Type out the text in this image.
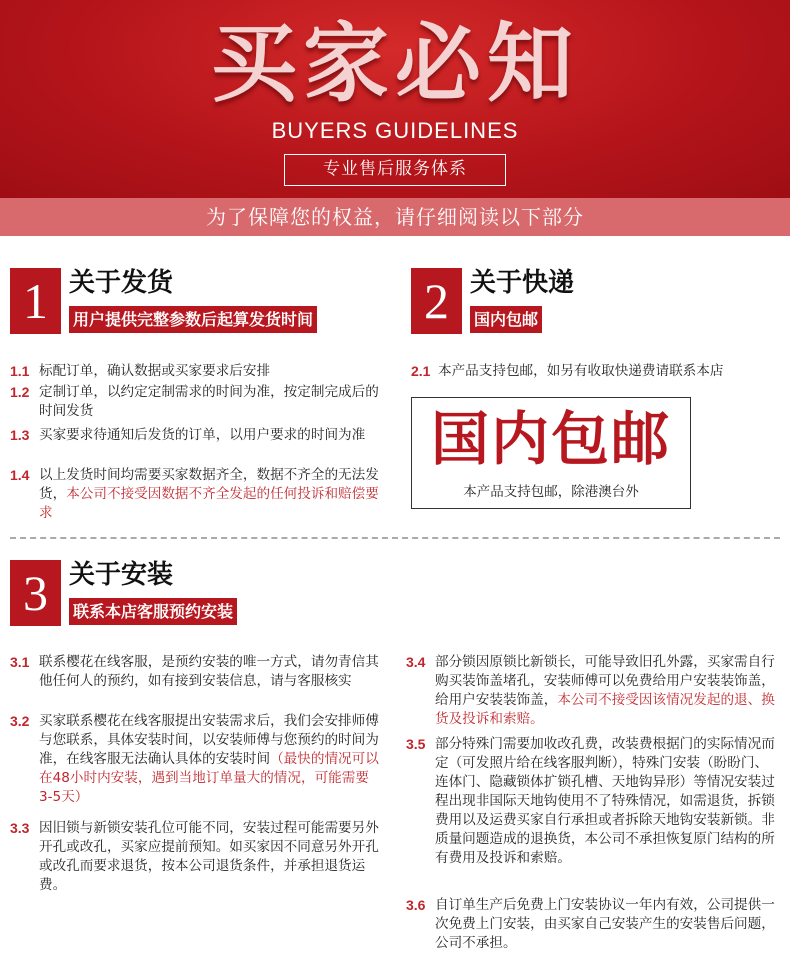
买家必知
BUYERS GUIDELINES
专业售后服务体系
为了保障您的权益，请仔细阅读以下部分
1 关于发货
用户提供完整参数后起算发货时间
1.1 标配订单，确认数据或买家要求后安排
1.2 定制订单，以约定定制需求的时间为准，按定制完成后的时间发货
1.3 买家要求待通知后发货的订单，以用户要求的时间为准
1.4 以上发货时间均需要买家数据齐全，数据不齐全的无法发货，本公司不接受因数据不齐全发起的任何投诉和赔偿要求
2 关于快递
国内包邮
2.1 本产品支持包邮，如另有收取快递费请联系本店
国内包邮
本产品支持包邮，除港澳台外
3 关于安装
联系本店客服预约安装
3.1 联系樱花在线客服，是预约安装的唯一方式，请勿青信其他任何人的预约，如有接到安装信息，请与客服核实
3.2 买家联系樱花在线客服提出安装需求后，我们会安排师傅与您联系，具体安装时间，以安装师傅与您预约的时间为准，在线客服无法确认具体的安装时间（最快的情况可以在48小时内安装，遇到当地订单量大的情况，可能需要3-5天）
3.3 因旧锁与新锁安装孔位可能不同，安装过程可能需要另外开孔或改孔，买家应提前预知。如买家因不同意另外开孔或改孔而要求退货，按本公司退货条件，并承担退货运费。
3.4 部分锁因原锁比新锁长，可能导致旧孔外露，买家需自行购买装饰盖堵孔，安装师傅可以免费给用户安装装饰盖，给用户安装装饰盖，本公司不接受因该情况发起的退、换货及投诉和索赔。
3.5 部分特殊门需要加收改孔费，改装费根据门的实际情况而定（可发照片给在线客服判断），特殊门安装（盼盼门、连体门、隐藏锁体扩锁孔槽、天地钩异形）等情况安装过程出现非国际天地钩使用不了特殊情况，如需退货，拆锁费用以及运费买家自行承担或者拆除天地钩安装新锁。非质量问题造成的退换货，本公司不承担恢复原门结构的所有费用及投诉和索赔。
3.6 自订单生产后免费上门安装协议一年内有效，公司提供一次免费上门安装，由买家自己安装产生的安装售后问题，公司不承担。
